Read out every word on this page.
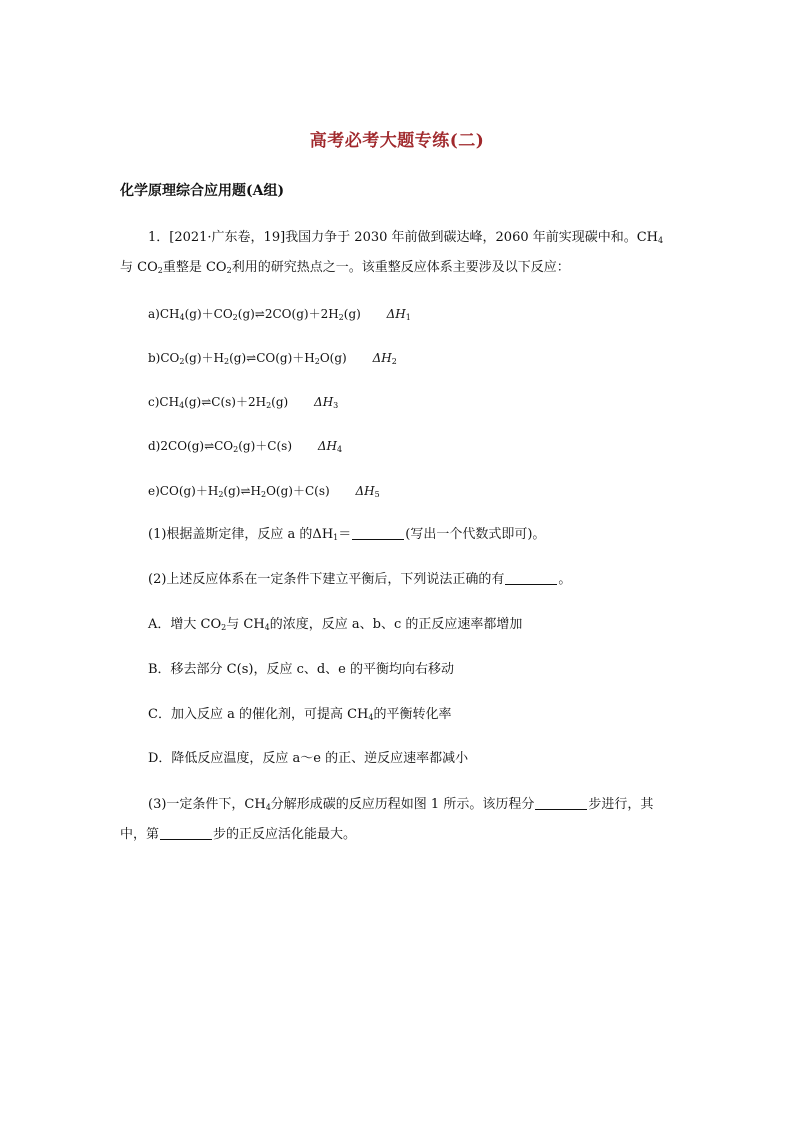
高考必考大题专练(二)
化学原理综合应用题(A组)
1．[2021·广东卷，19]我国力争于 2030 年前做到碳达峰，2060 年前实现碳中和。$CH_4$
与 $CO_2$重整是 $CO_2$利用的研究热点之一。该重整反应体系主要涉及以下反应：
$a)CH_4(g)+CO_2(g)\rightleftharpoons 2CO(g)+2H_2(g)$ $\Delta H_1$
$b)CO_2(g)+H_2(g)\rightleftharpoons CO(g)+H_2O(g)$ $\Delta H_2$
$c)CH_4(g)\rightleftharpoons C(s)+2H_2(g)$ $\Delta H_3$
$d)2CO(g)\rightleftharpoons CO_2(g)+C(s)$ $\Delta H_4$
$e)CO(g)+H_2(g)\rightleftharpoons H_2O(g)+C(s)$ $\Delta H_5$
(1)根据盖斯定律，反应 a 的$\Delta H_1=$	(写出一个代数式即可)。
(2)上述反应体系在一定条件下建立平衡后，下列说法正确的有	。
A．增大 $CO_2$与 $CH_4$的浓度，反应 a、b、c 的正反应速率都增加
B．移去部分 C(s)，反应 c、d、e 的平衡均向右移动
C．加入反应 a 的催化剂，可提高 $CH_4$的平衡转化率
D．降低反应温度，反应 a～e 的正、逆反应速率都减小
(3)一定条件下，$CH_4$分解形成碳的反应历程如图 1 所示。该历程分	步进行，其
中，第	步的正反应活化能最大。
